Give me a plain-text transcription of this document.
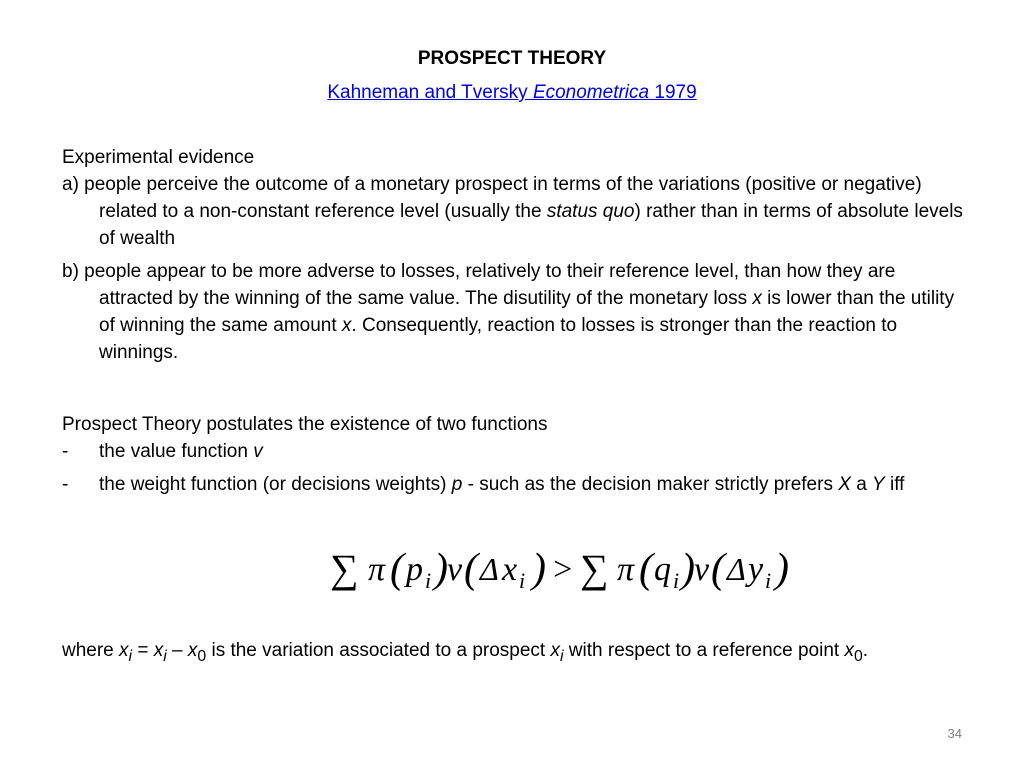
PROSPECT THEORY
Kahneman and Tversky Econometrica 1979

Experimental evidence

a) people perceive the outcome of a monetary prospect in terms of the variations (positive or negative) related to a non-constant reference level (usually the status quo) rather than in terms of absolute levels of wealth

b) people appear to be more adverse to losses, relatively to their reference level, than how they are attracted by the winning of the same value. The disutility of the monetary loss x is lower than the utility of winning the same amount x. Consequently, reaction to losses is stronger than the reaction to winnings.

Prospect Theory postulates the existence of two functions

- the value function v

- the weight function (or decisions weights) p - such as the decision maker strictly prefers X a Y iff

∑ π ( p i ) v ( Δ x i ) > ∑ π ( q i ) v ( Δ y i )

where $x_i = x_i - x_0$ is the variation associated to a prospect $x_i$ with respect to a reference point $x_0$.

34
